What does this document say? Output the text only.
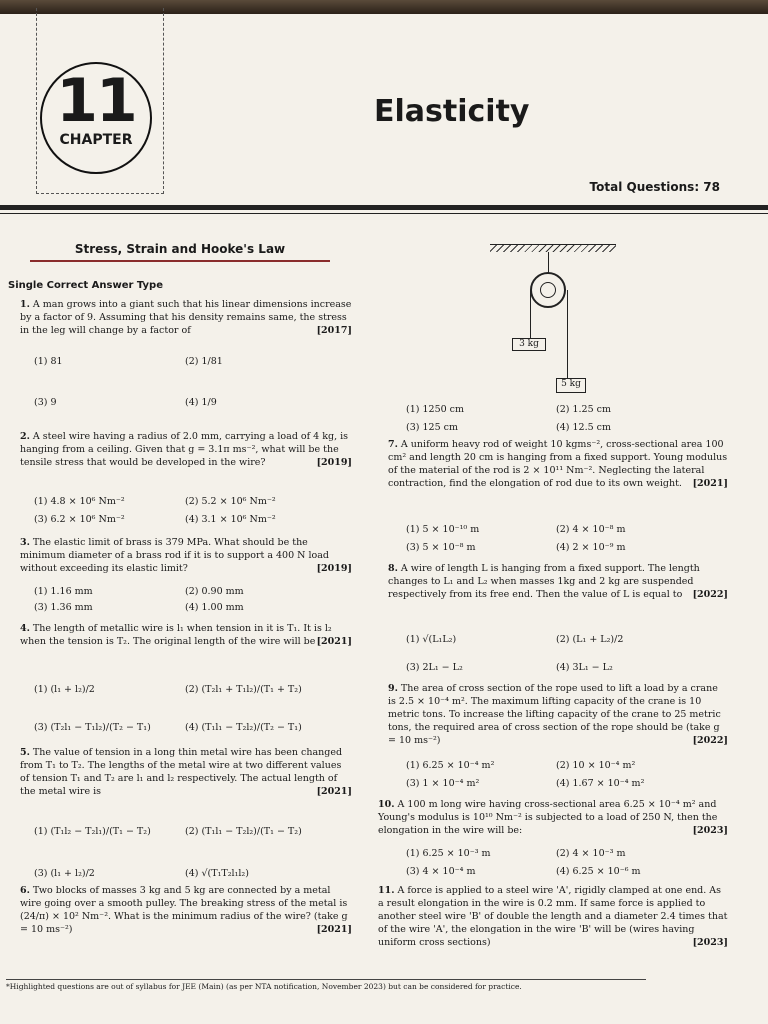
11
CHAPTER
Elasticity
Total Questions: 78
Stress, Strain and Hooke's Law
Single Correct Answer Type
3 kg
5 kg
1. A man grows into a giant such that his linear dimensions increase by a factor of 9. Assuming that his density remains same, the stress in the leg will change by a factor of	[2017]
(1) 81	(2) 1/81
(3) 9	(4) 1/9
2. A steel wire having a radius of 2.0 mm, carrying a load of 4 kg, is hanging from a ceiling. Given that g = 3.1π ms⁻², what will be the tensile stress that would be developed in the wire?	[2019]
(1) 4.8 × 10⁶ Nm⁻²	(2) 5.2 × 10⁶ Nm⁻²
(3) 6.2 × 10⁶ Nm⁻²	(4) 3.1 × 10⁶ Nm⁻²
3. The elastic limit of brass is 379 MPa. What should be the minimum diameter of a brass rod if it is to support a 400 N load without exceeding its elastic limit?	[2019]
(1) 1.16 mm	(2) 0.90 mm
(3) 1.36 mm	(4) 1.00 mm
4. The length of metallic wire is l₁ when tension in it is T₁. It is l₂ when the tension is T₂. The original length of the wire will be [2021]
(1) (l₁ + l₂)/2	(2) (T₂l₁ + T₁l₂)/(T₁ + T₂)
(3) (T₂l₁ − T₁l₂)/(T₂ − T₁)	(4) (T₁l₁ − T₂l₂)/(T₂ − T₁)
5. The value of tension in a long thin metal wire has been changed from T₁ to T₂. The lengths of the metal wire at two different values of tension T₁ and T₂ are l₁ and l₂ respectively. The actual length of the metal wire is	[2021]
(1) (T₁l₂ − T₂l₁)/(T₁ − T₂)	(2) (T₁l₁ − T₂l₂)/(T₁ − T₂)
(3) (l₁ + l₂)/2	(4) √(T₁T₂l₁l₂)
6. Two blocks of masses 3 kg and 5 kg are connected by a metal wire going over a smooth pulley. The breaking stress of the metal is (24/π) × 10² Nm⁻². What is the minimum radius of the wire? (take g = 10 ms⁻²)	[2021]
(1) 1250 cm	(2) 1.25 cm
(3) 125 cm	(4) 12.5 cm
7. A uniform heavy rod of weight 10 kgms⁻², cross-sectional area 100 cm² and length 20 cm is hanging from a fixed support. Young modulus of the material of the rod is 2 × 10¹¹ Nm⁻². Neglecting the lateral contraction, find the elongation of rod due to its own weight. [2021]
(1) 5 × 10⁻¹⁰ m	(2) 4 × 10⁻⁸ m
(3) 5 × 10⁻⁸ m	(4) 2 × 10⁻⁹ m
8. A wire of length L is hanging from a fixed support. The length changes to L₁ and L₂ when masses 1kg and 2 kg are suspended respectively from its free end. Then the value of L is equal to [2022]
(1) √(L₁L₂)	(2) (L₁ + L₂)/2
(3) 2L₁ − L₂	(4) 3L₁ − L₂
9. The area of cross section of the rope used to lift a load by a crane is 2.5 × 10⁻⁴ m². The maximum lifting capacity of the crane is 10 metric tons. To increase the lifting capacity of the crane to 25 metric tons, the required area of cross section of the rope should be (take g = 10 ms⁻²)	[2022]
(1) 6.25 × 10⁻⁴ m²	(2) 10 × 10⁻⁴ m²
(3) 1 × 10⁻⁴ m²	(4) 1.67 × 10⁻⁴ m²
10. A 100 m long wire having cross-sectional area 6.25 × 10⁻⁴ m² and Young's modulus is 10¹⁰ Nm⁻² is subjected to a load of 250 N, then the elongation in the wire will be:	[2023]
(1) 6.25 × 10⁻³ m	(2) 4 × 10⁻³ m
(3) 4 × 10⁻⁴ m	(4) 6.25 × 10⁻⁶ m
11. A force is applied to a steel wire 'A', rigidly clamped at one end. As a result elongation in the wire is 0.2 mm. If same force is applied to another steel wire 'B' of double the length and a diameter 2.4 times that of the wire 'A', the elongation in the wire 'B' will be (wires having uniform cross sections)	[2023]
*Highlighted questions are out of syllabus for JEE (Main) (as per NTA notification, November 2023) but can be considered for practice.
